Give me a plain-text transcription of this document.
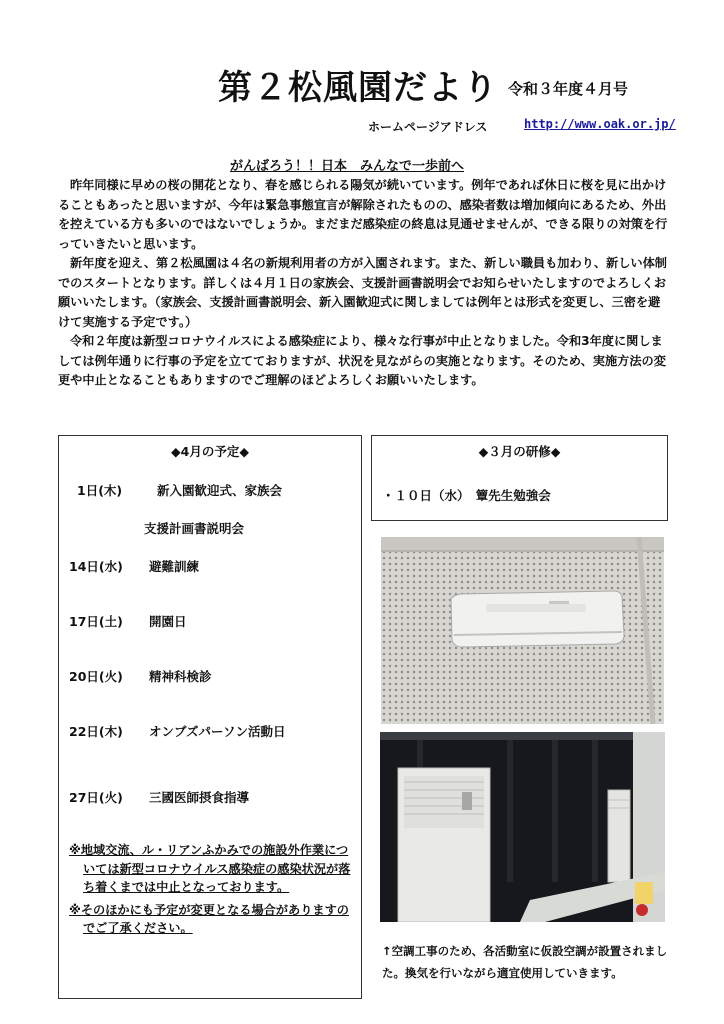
第２松風園だより 令和３年度４月号
ホームページアドレス	http://www.oak.or.jp/
がんばろう！！日本　みんなで一歩前へ

昨年同様に早めの桜の開花となり、春を感じられる陽気が続いています。例年であれば休日に桜を見に出かけることもあったと思いますが、今年は緊急事態宣言が解除されたものの、感染者数は増加傾向にあるため、外出を控えている方も多いのではないでしょうか。まだまだ感染症の終息は見通せませんが、できる限りの対策を行っていきたいと思います。

新年度を迎え、第２松風園は４名の新規利用者の方が入園されます。また、新しい職員も加わり、新しい体制でのスタートとなります。詳しくは４月１日の家族会、支援計画書説明会でお知らせいたしますのでよろしくお願いいたします。（家族会、支援計画書説明会、新入園歓迎式に関しましては例年とは形式を変更し、三密を避けて実施する予定です。）

令和２年度は新型コロナウイルスによる感染症により、様々な行事が中止となりました。令和3年度に関しましては例年通りに行事の予定を立てておりますが、状況を見ながらの実施となります。そのため、実施方法の変更や中止となることもありますのでご理解のほどよろしくお願いいたします。

◆4月の予定◆
1日(木)	新入園歓迎式、家族会
支援計画書説明会
14日(水) 避難訓練
17日(土) 開園日
20日(火) 精神科検診
22日(木) オンブズパーソン活動日
27日(火) 三國医師摂食指導

※地域交流、ル・リアンふかみでの施設外作業については新型コロナウイルス感染症の感染状況が落ち着くまでは中止となっております。

※そのほかにも予定が変更となる場合がありますのでご了承ください。

◆３月の研修◆
・１０日（水）　簟先生勉強会
↑空調工事のため、各活動室に仮設空調が設置されました。換気を行いながら適宜使用していきます。
